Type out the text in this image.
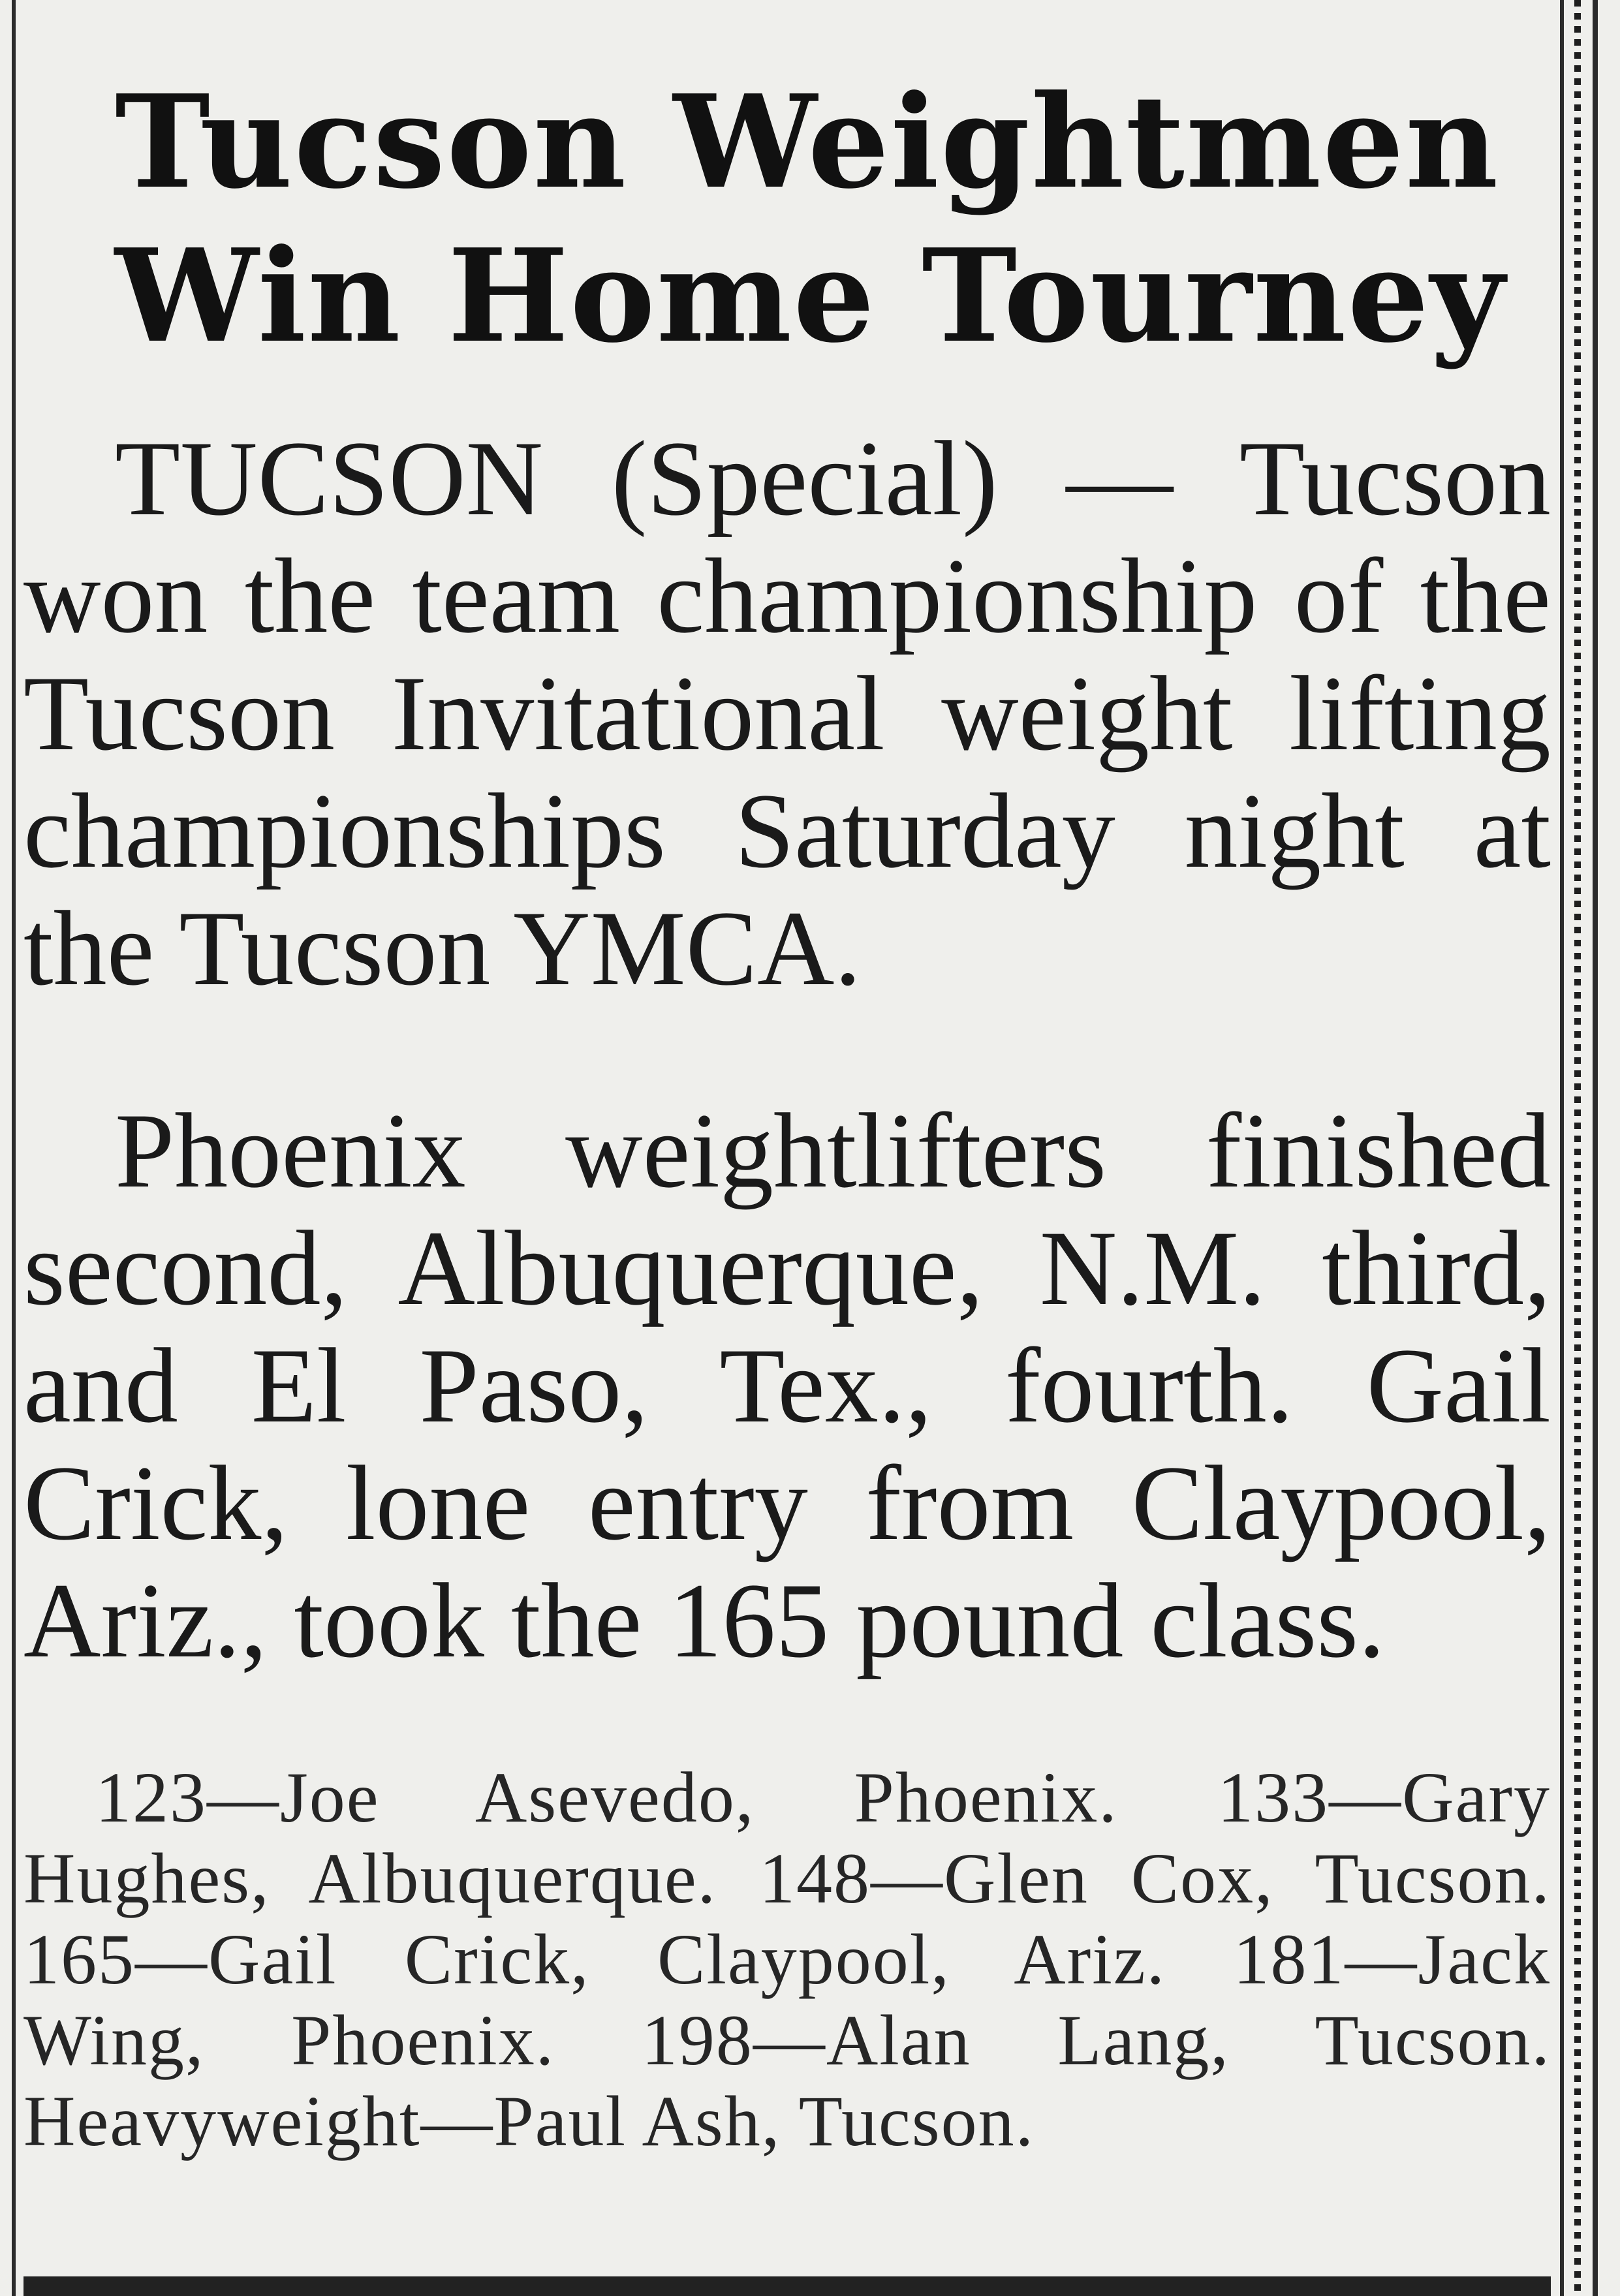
Tucson Weightmen
Win Home Tourney

TUCSON (Special) — Tucson won the team championship of the Tucson Invitational weight lifting championships Saturday night at the Tucson YMCA.

Phoenix weightlifters finished second, Albuquerque, N.M. third, and El Paso, Tex., fourth. Gail Crick, lone entry from Claypool, Ariz., took the 165 pound class.

123—Joe Asevedo, Phoenix. 133—Gary Hughes, Albuquerque. 148—Glen Cox, Tucson. 165—Gail Crick, Claypool, Ariz. 181—Jack Wing, Phoenix. 198—Alan Lang, Tucson. Heavyweight—Paul Ash, Tucson.
